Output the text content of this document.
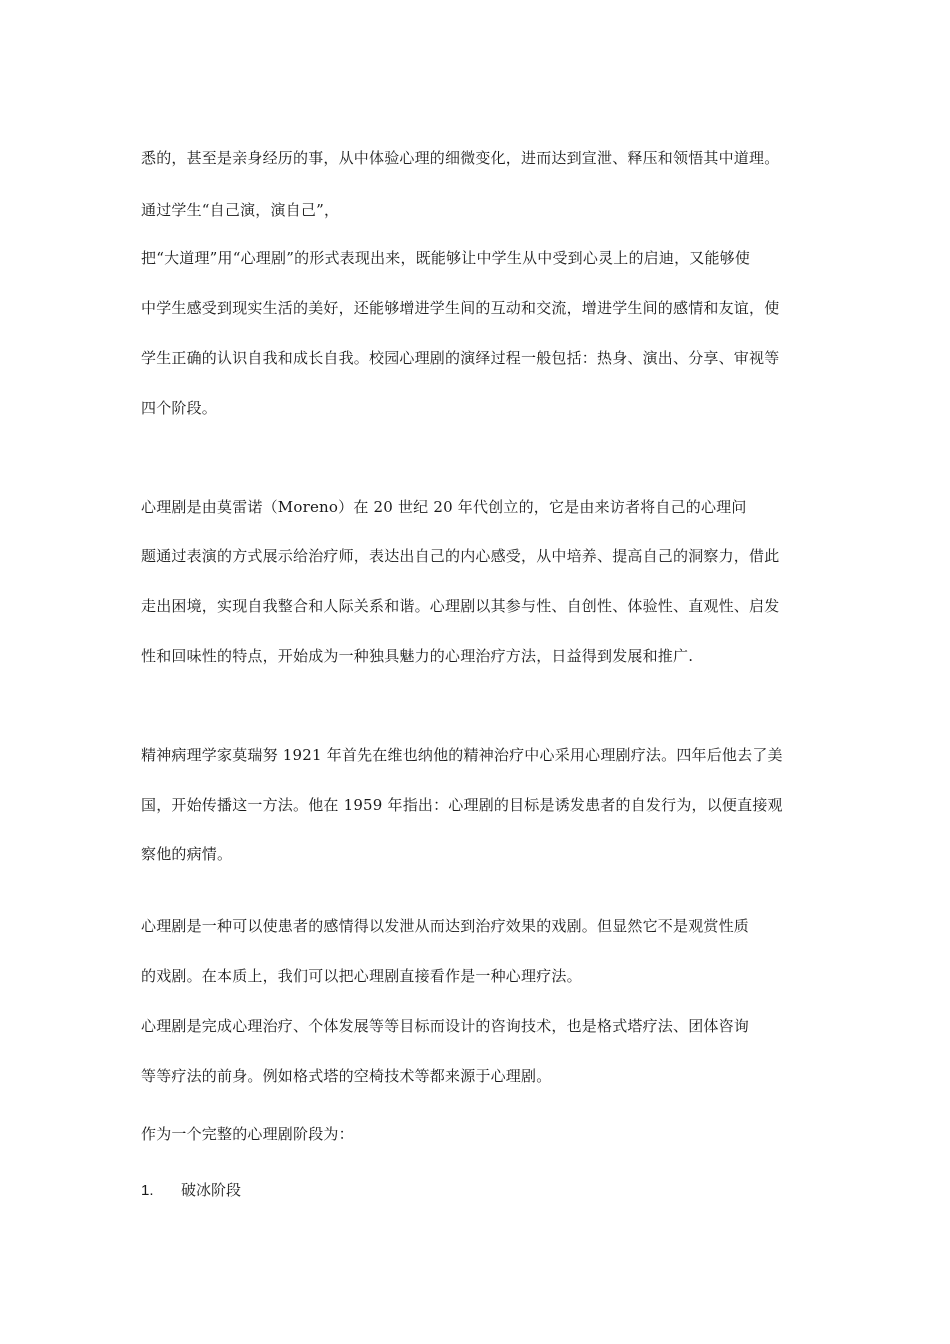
悉的，甚至是亲身经历的事，从中体验心理的细微变化，进而达到宣泄、释压和领悟其中道理。
通过学生“自己演，演自己”，
把“大道理”用“心理剧”的形式表现出来，既能够让中学生从中受到心灵上的启迪，又能够使
中学生感受到现实生活的美好，还能够增进学生间的互动和交流，增进学生间的感情和友谊，使
学生正确的认识自我和成长自我。校园心理剧的演绎过程一般包括：热身、演出、分享、审视等
四个阶段。
心理剧是由莫雷诺（Moreno）在 20 世纪 20 年代创立的，它是由来访者将自己的心理问
题通过表演的方式展示给治疗师，表达出自己的内心感受，从中培养、提高自己的洞察力，借此
走出困境，实现自我整合和人际关系和谐。心理剧以其参与性、自创性、体验性、直观性、启发
性和回味性的特点，开始成为一种独具魅力的心理治疗方法，日益得到发展和推广.
精神病理学家莫瑞努 1921 年首先在维也纳他的精神治疗中心采用心理剧疗法。四年后他去了美
国，开始传播这一方法。他在 1959 年指出：心理剧的目标是诱发患者的自发行为，以便直接观
察他的病情。
心理剧是一种可以使患者的感情得以发泄从而达到治疗效果的戏剧。但显然它不是观赏性质
的戏剧。在本质上，我们可以把心理剧直接看作是一种心理疗法。
心理剧是完成心理治疗、个体发展等等目标而设计的咨询技术，也是格式塔疗法、团体咨询
等等疗法的前身。例如格式塔的空椅技术等都来源于心理剧。
作为一个完整的心理剧阶段为：
1. 破冰阶段
